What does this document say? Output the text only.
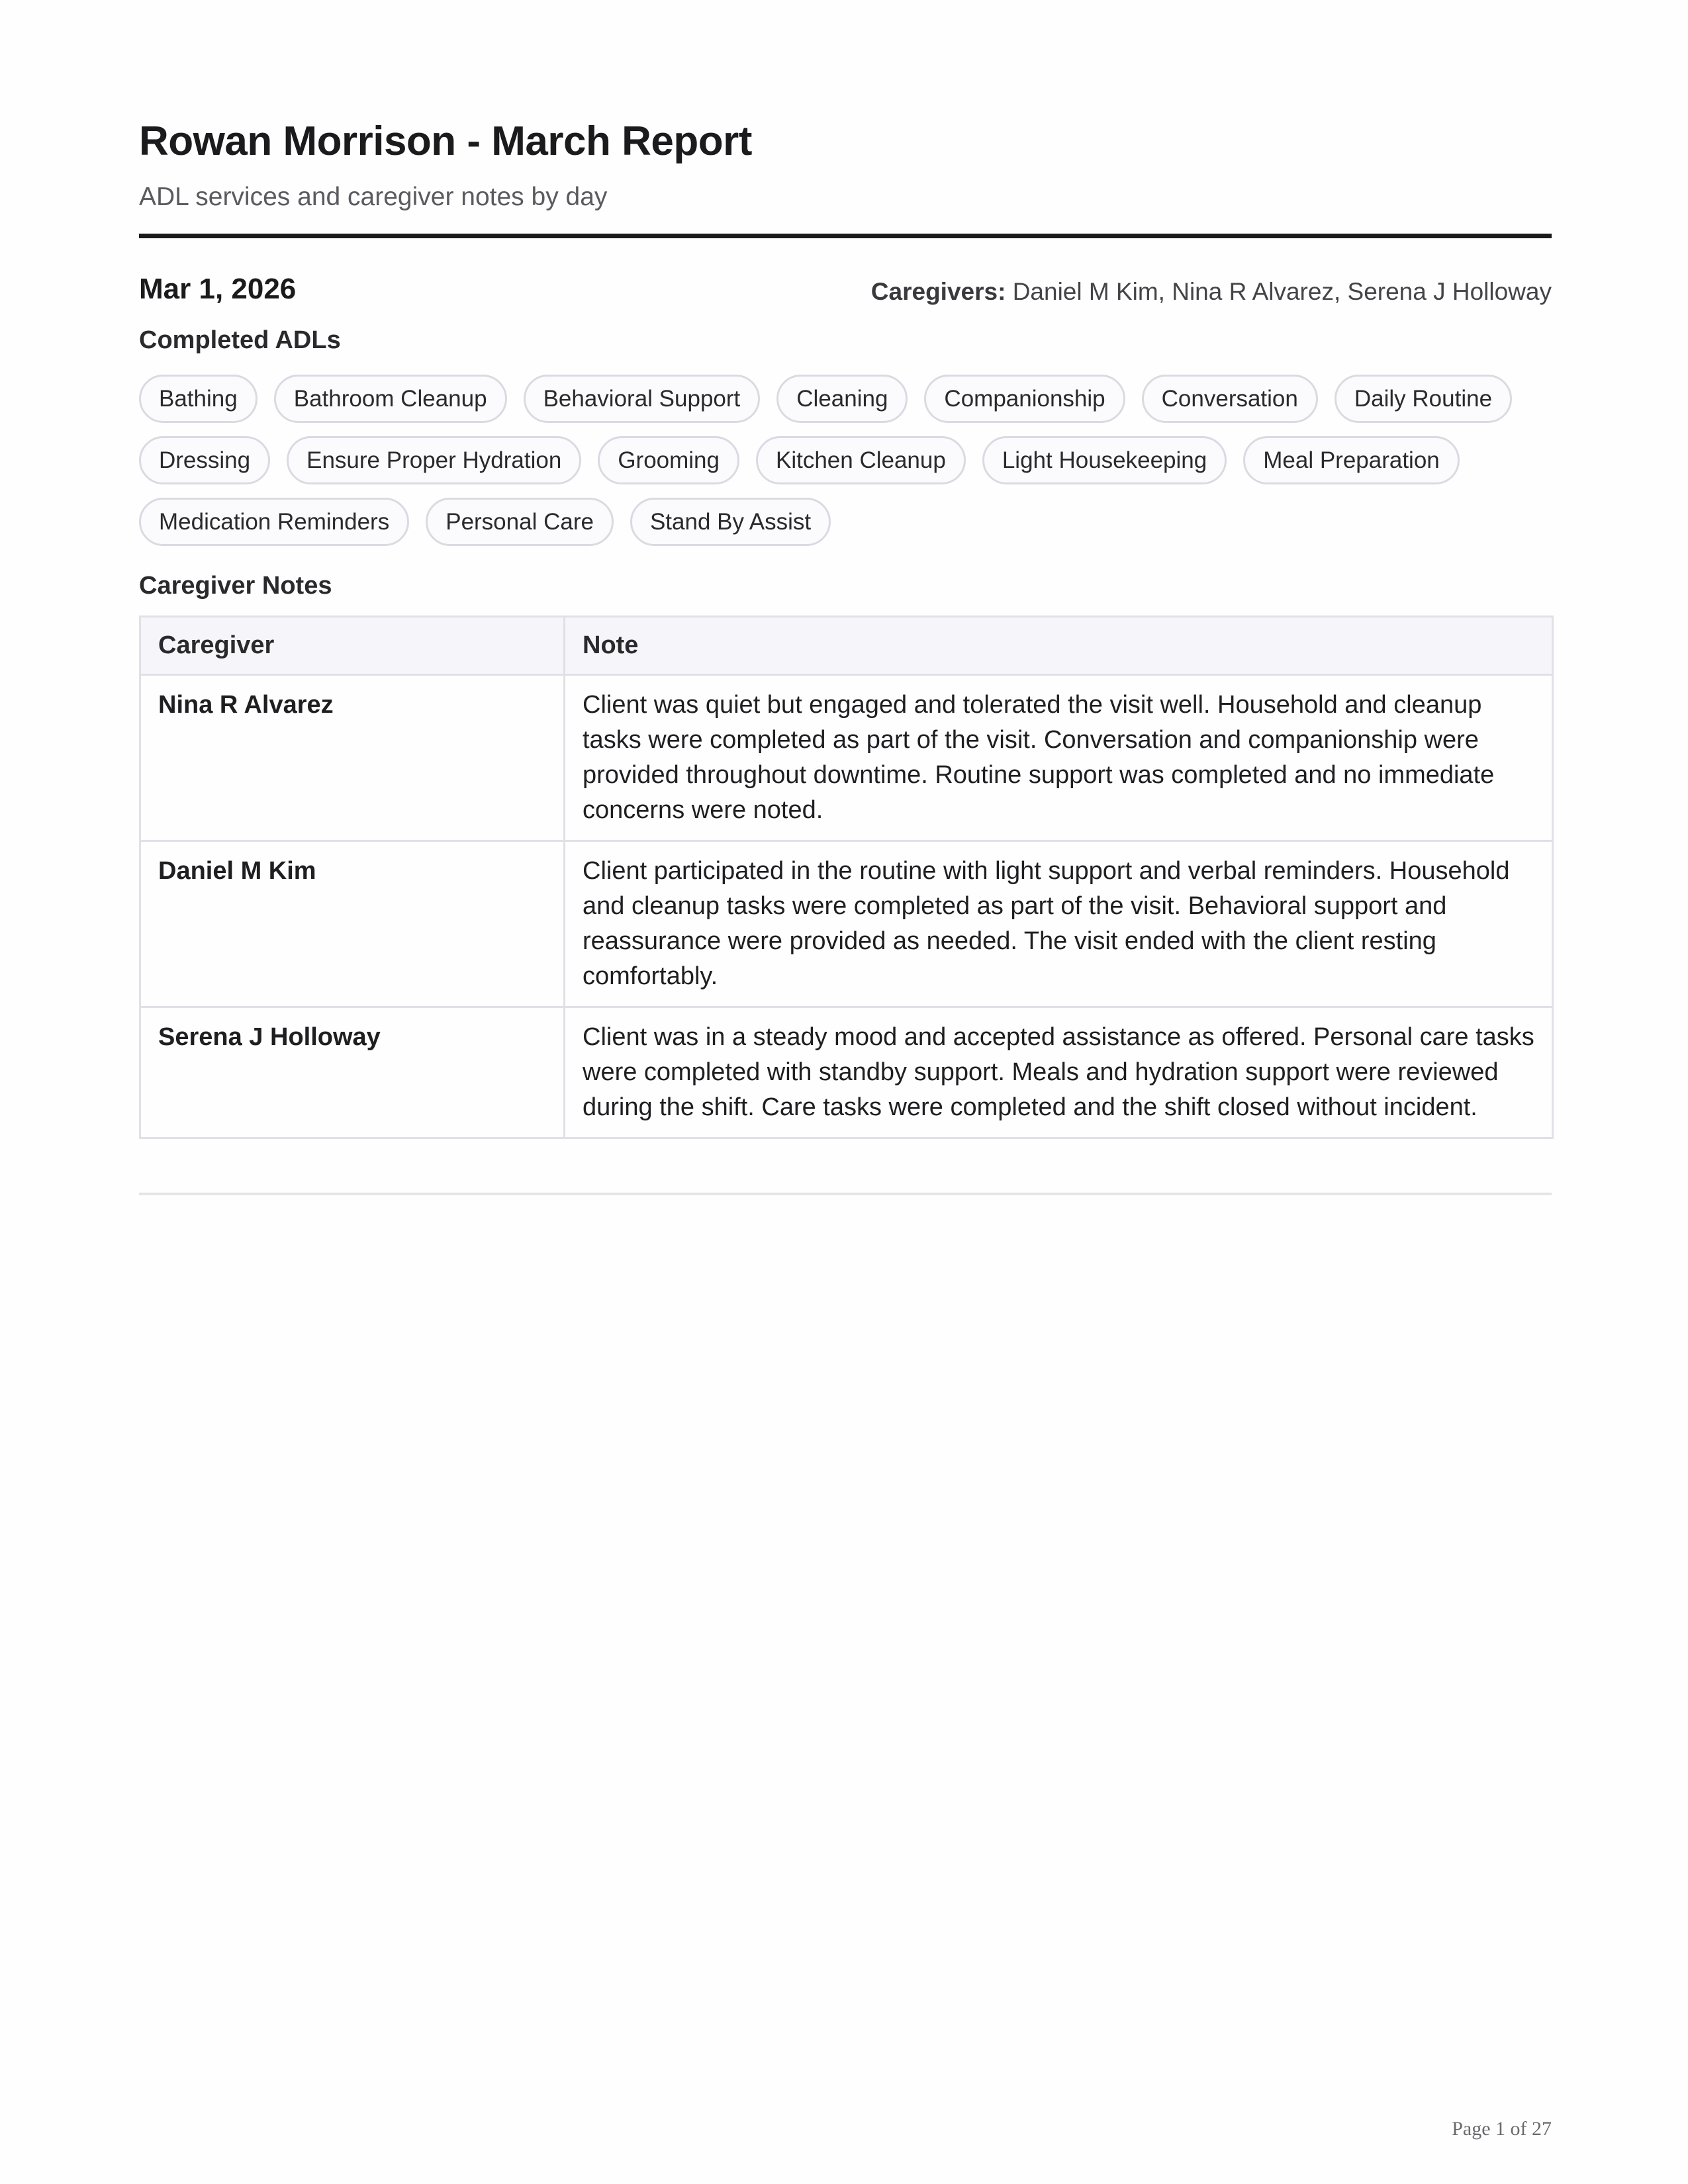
Rowan Morrison - March Report
ADL services and caregiver notes by day
Mar 1, 2026	Caregivers: Daniel M Kim, Nina R Alvarez, Serena J Holloway
Completed ADLs
Bathing	Bathroom Cleanup	Behavioral Support	Cleaning	Companionship	Conversation	Daily Routine
Dressing	Ensure Proper Hydration	Grooming	Kitchen Cleanup	Light Housekeeping	Meal Preparation
Medication Reminders	Personal Care	Stand By Assist
Caregiver Notes
Caregiver	Note
Nina R Alvarez	Client was quiet but engaged and tolerated the visit well. Household and cleanup tasks were completed as part of the visit. Conversation and companionship were provided throughout downtime. Routine support was completed and no immediate concerns were noted.
Daniel M Kim	Client participated in the routine with light support and verbal reminders. Household and cleanup tasks were completed as part of the visit. Behavioral support and reassurance were provided as needed. The visit ended with the client resting comfortably.
Serena J Holloway	Client was in a steady mood and accepted assistance as offered. Personal care tasks were completed with standby support. Meals and hydration support were reviewed during the shift. Care tasks were completed and the shift closed without incident.
Page 1 of 27
